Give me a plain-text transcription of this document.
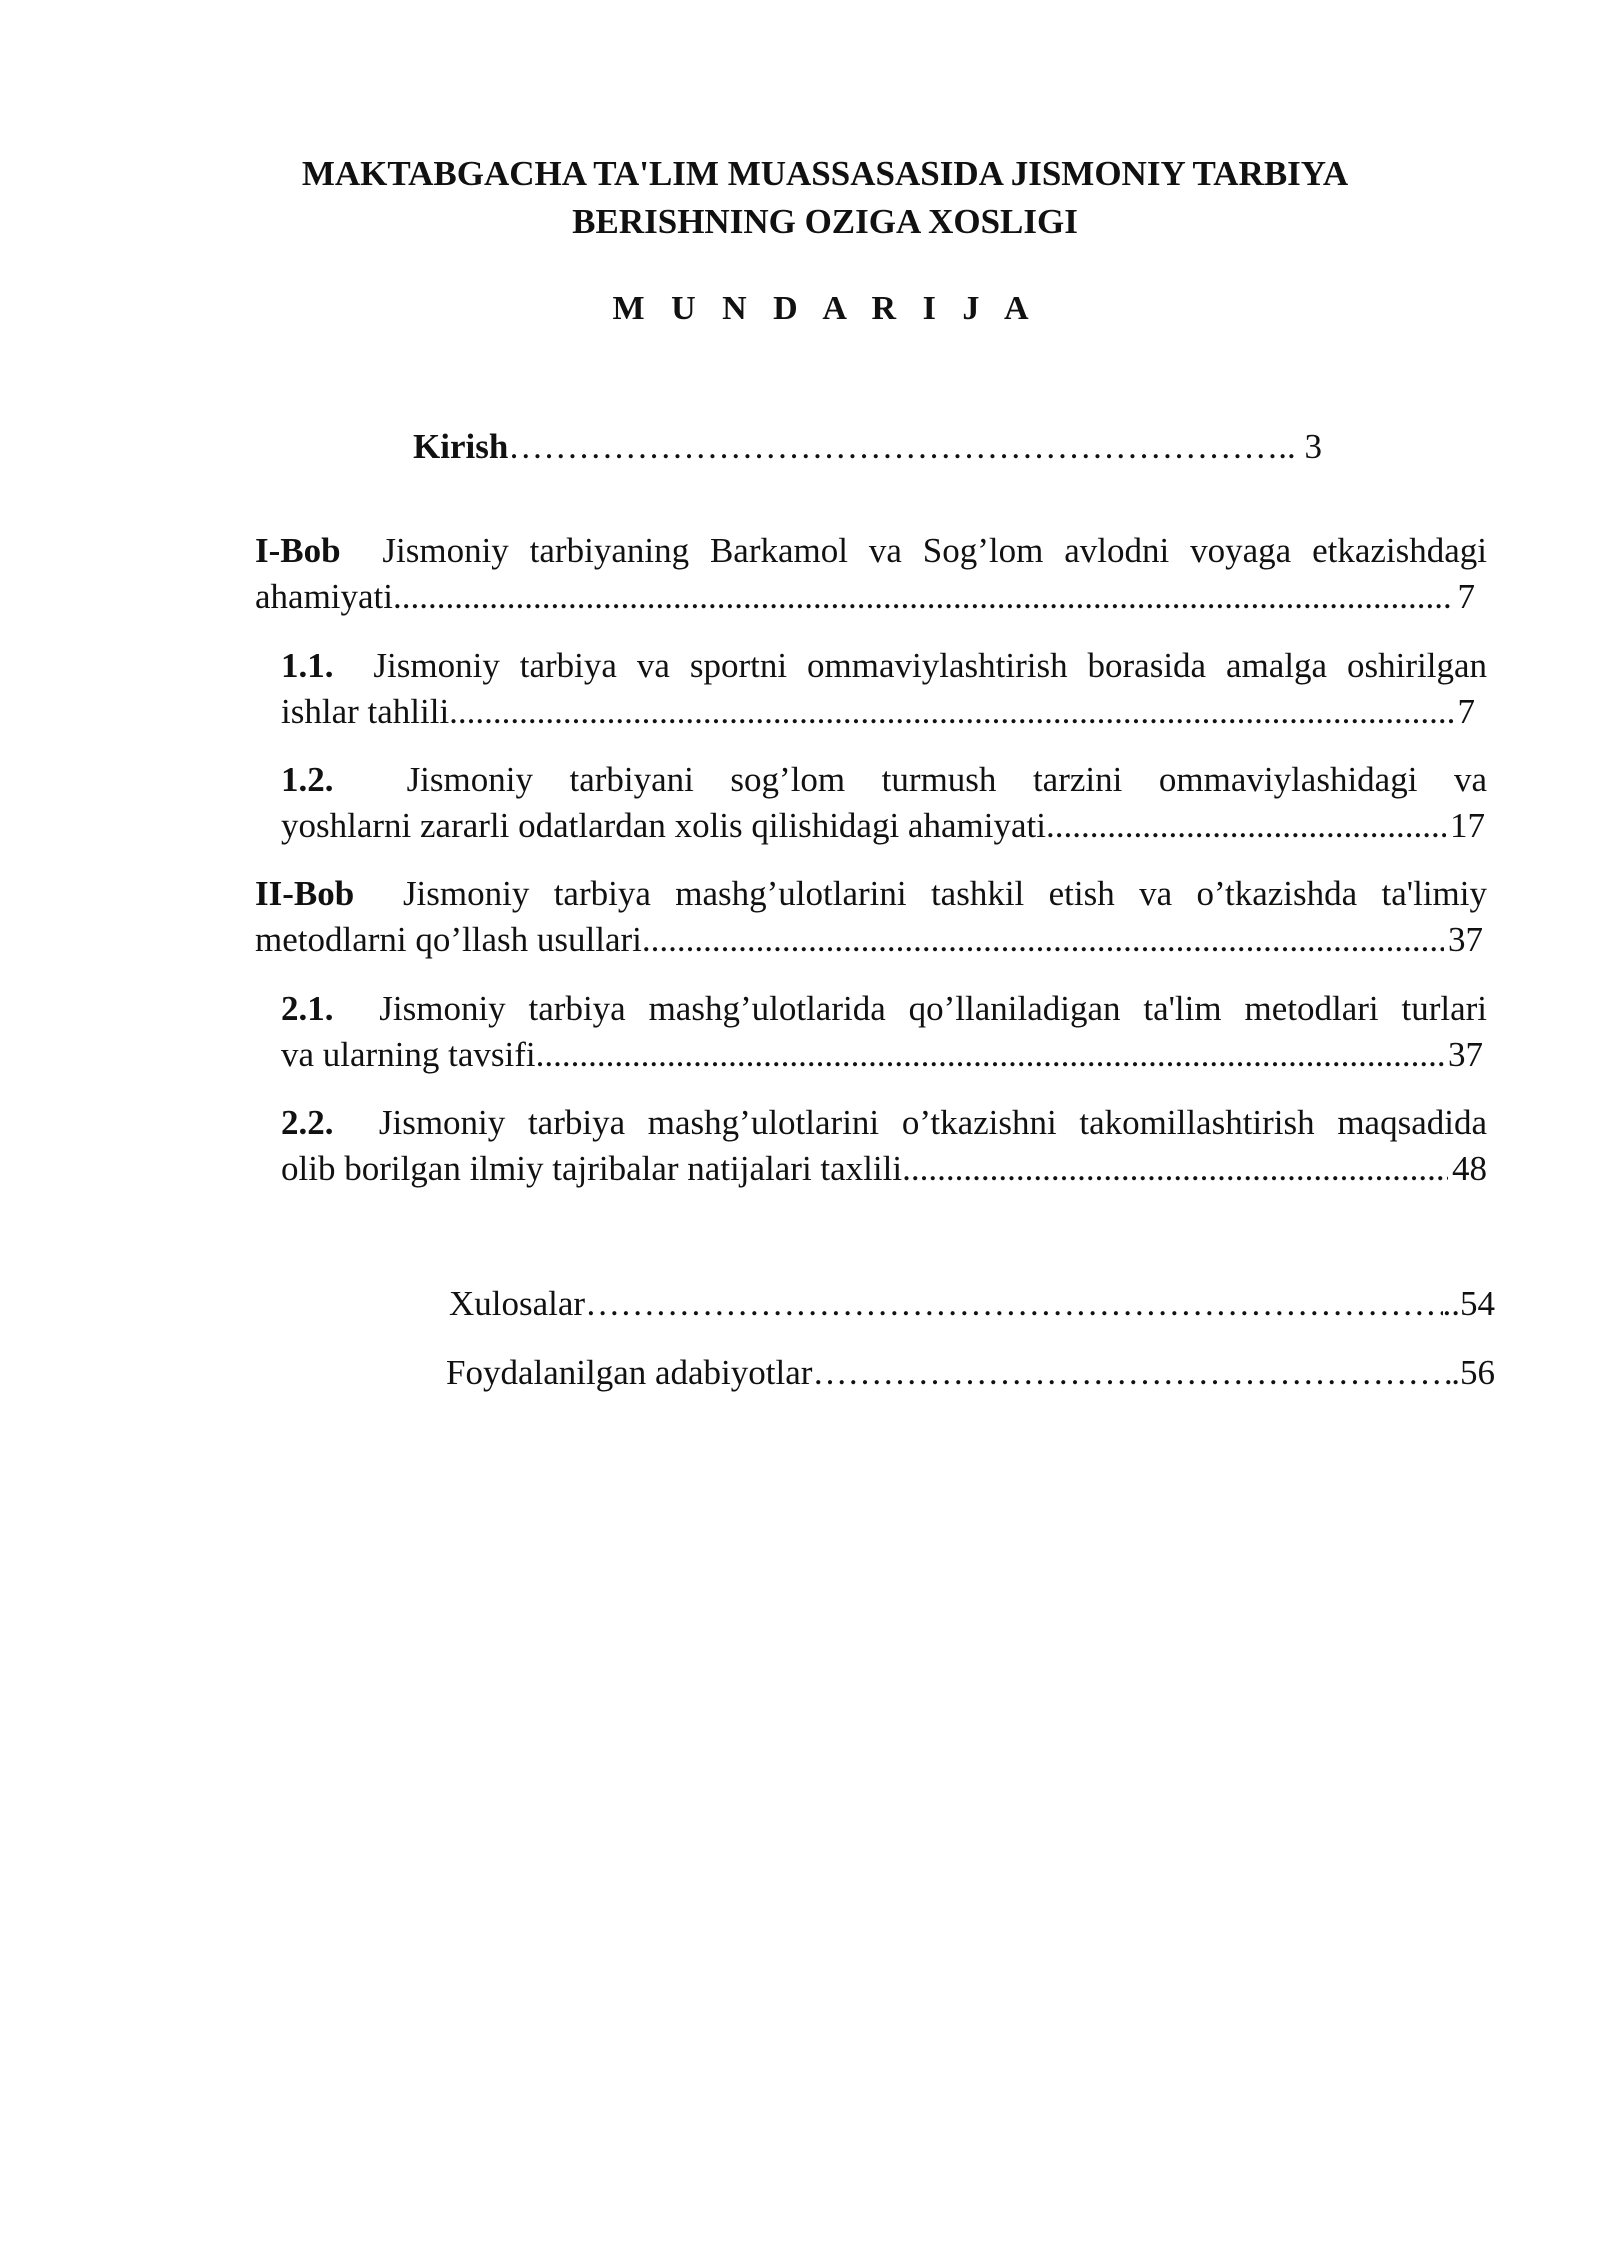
MAKTABGACHA TA'LIM MUASSASASIDA JISMONIY TARBIYA
BERISHNING OZIGA XOSLIGI
M U N D A R I J A
Kirish………………………………………………………….. 3
I-Bob Jismoniy tarbiyaning Barkamol va Sog’lom avlodni voyaga etkazishdagi
ahamiyati .....	7
1.1. Jismoniy tarbiya va sportni ommaviylashtirish borasida amalga oshirilgan
ishlar tahlili .....	7
1.2. Jismoniy tarbiyani sog’lom turmush tarzini ommaviylashidagi va
yoshlarni zararli odatlardan xolis qilishidagi ahamiyati .....	17
II-Bob Jismoniy tarbiya mashg’ulotlarini tashkil etish va o’tkazishda ta'limiy
metodlarni qo’llash usullari .....	37
2.1. Jismoniy tarbiya mashg’ulotlarida qo’llaniladigan ta'lim metodlari turlari
va ularning tavsifi .....	37
2.2. Jismoniy tarbiya mashg’ulotlarini o’tkazishni takomillashtirish maqsadida
olib borilgan ilmiy tajribalar natijalari taxlili .....	48
Xulosalar …………………………………………………………………………………………………………………………………………………………………………………………	..54
Foydalanilgan adabiyotlar …………………………………………………………………………………………………………………………………………………………………………………………	.56
